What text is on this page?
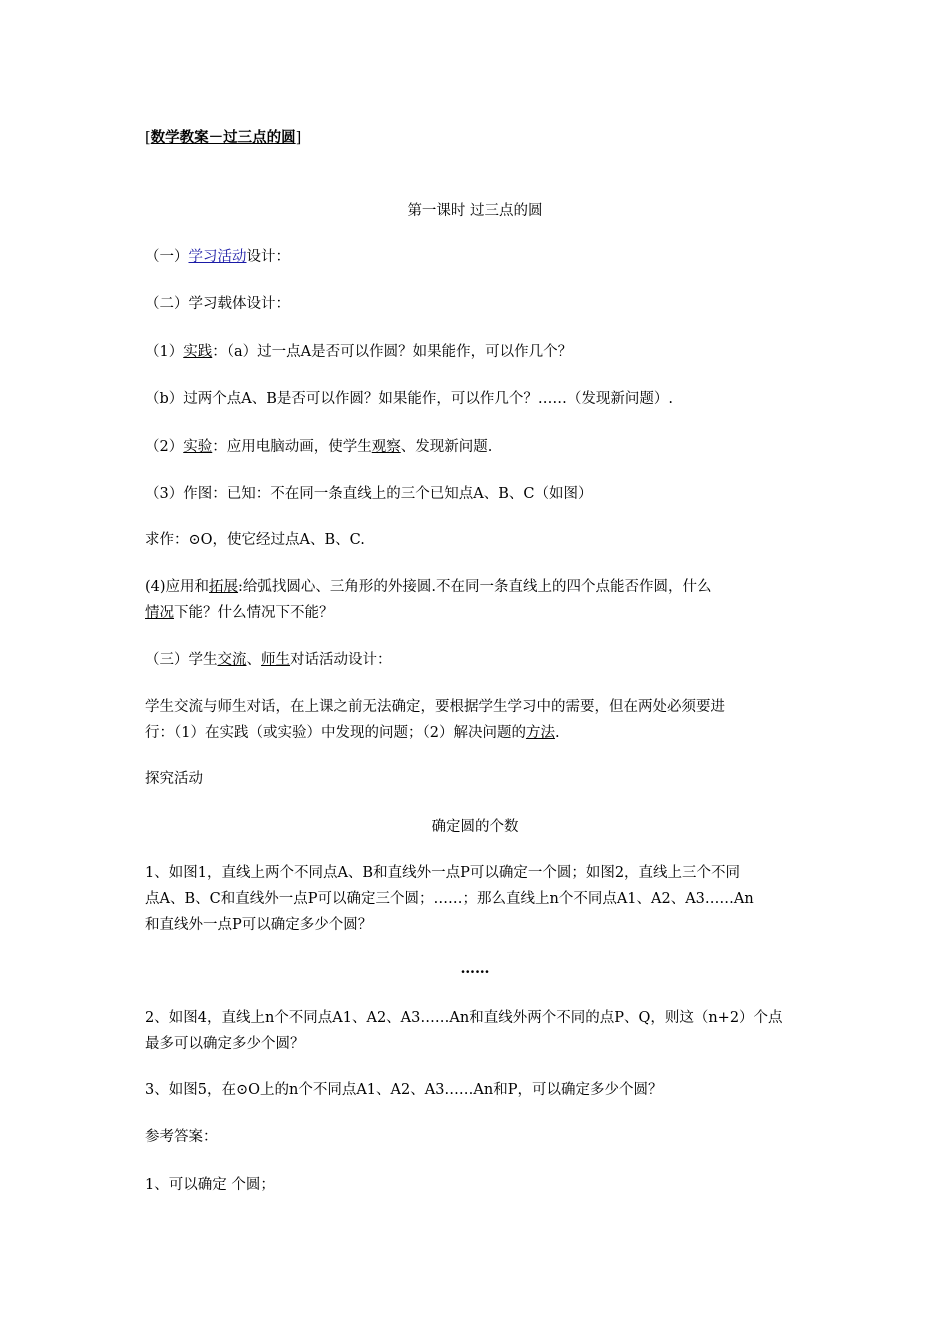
[数学教案－过三点的圆]
第一课时 过三点的圆
（一）学习活动设计：
（二）学习载体设计：
（1）实践：（a）过一点A是否可以作圆？如果能作，可以作几个？
（b）过两个点A、B是否可以作圆？如果能作，可以作几个？……（发现新问题）.
（2）实验：应用电脑动画，使学生观察、发现新问题.
（3）作图：已知：不在同一条直线上的三个已知点A、B、C（如图）
求作：⊙O，使它经过点A、B、C.
(4)应用和拓展:给弧找圆心、三角形的外接圆.不在同一条直线上的四个点能否作圆，什么
情况下能？什么情况下不能？
（三）学生交流、师生对话活动设计：
学生交流与师生对话，在上课之前无法确定，要根据学生学习中的需要，但在两处必须要进
行：（1）在实践（或实验）中发现的问题；（2）解决问题的方法.
探究活动
确定圆的个数
1、如图1，直线上两个不同点A、B和直线外一点P可以确定一个圆；如图2，直线上三个不同
点A、B、C和直线外一点P可以确定三个圆；……；那么直线上n个不同点A1、A2、A3……An
和直线外一点P可以确定多少个圆？
……
2、如图4，直线上n个不同点A1、A2、A3……An和直线外两个不同的点P、Q，则这（n+2）个点
最多可以确定多少个圆？
3、如图5，在⊙O上的n个不同点A1、A2、A3……An和P，可以确定多少个圆？
参考答案：
1、可以确定 个圆；
